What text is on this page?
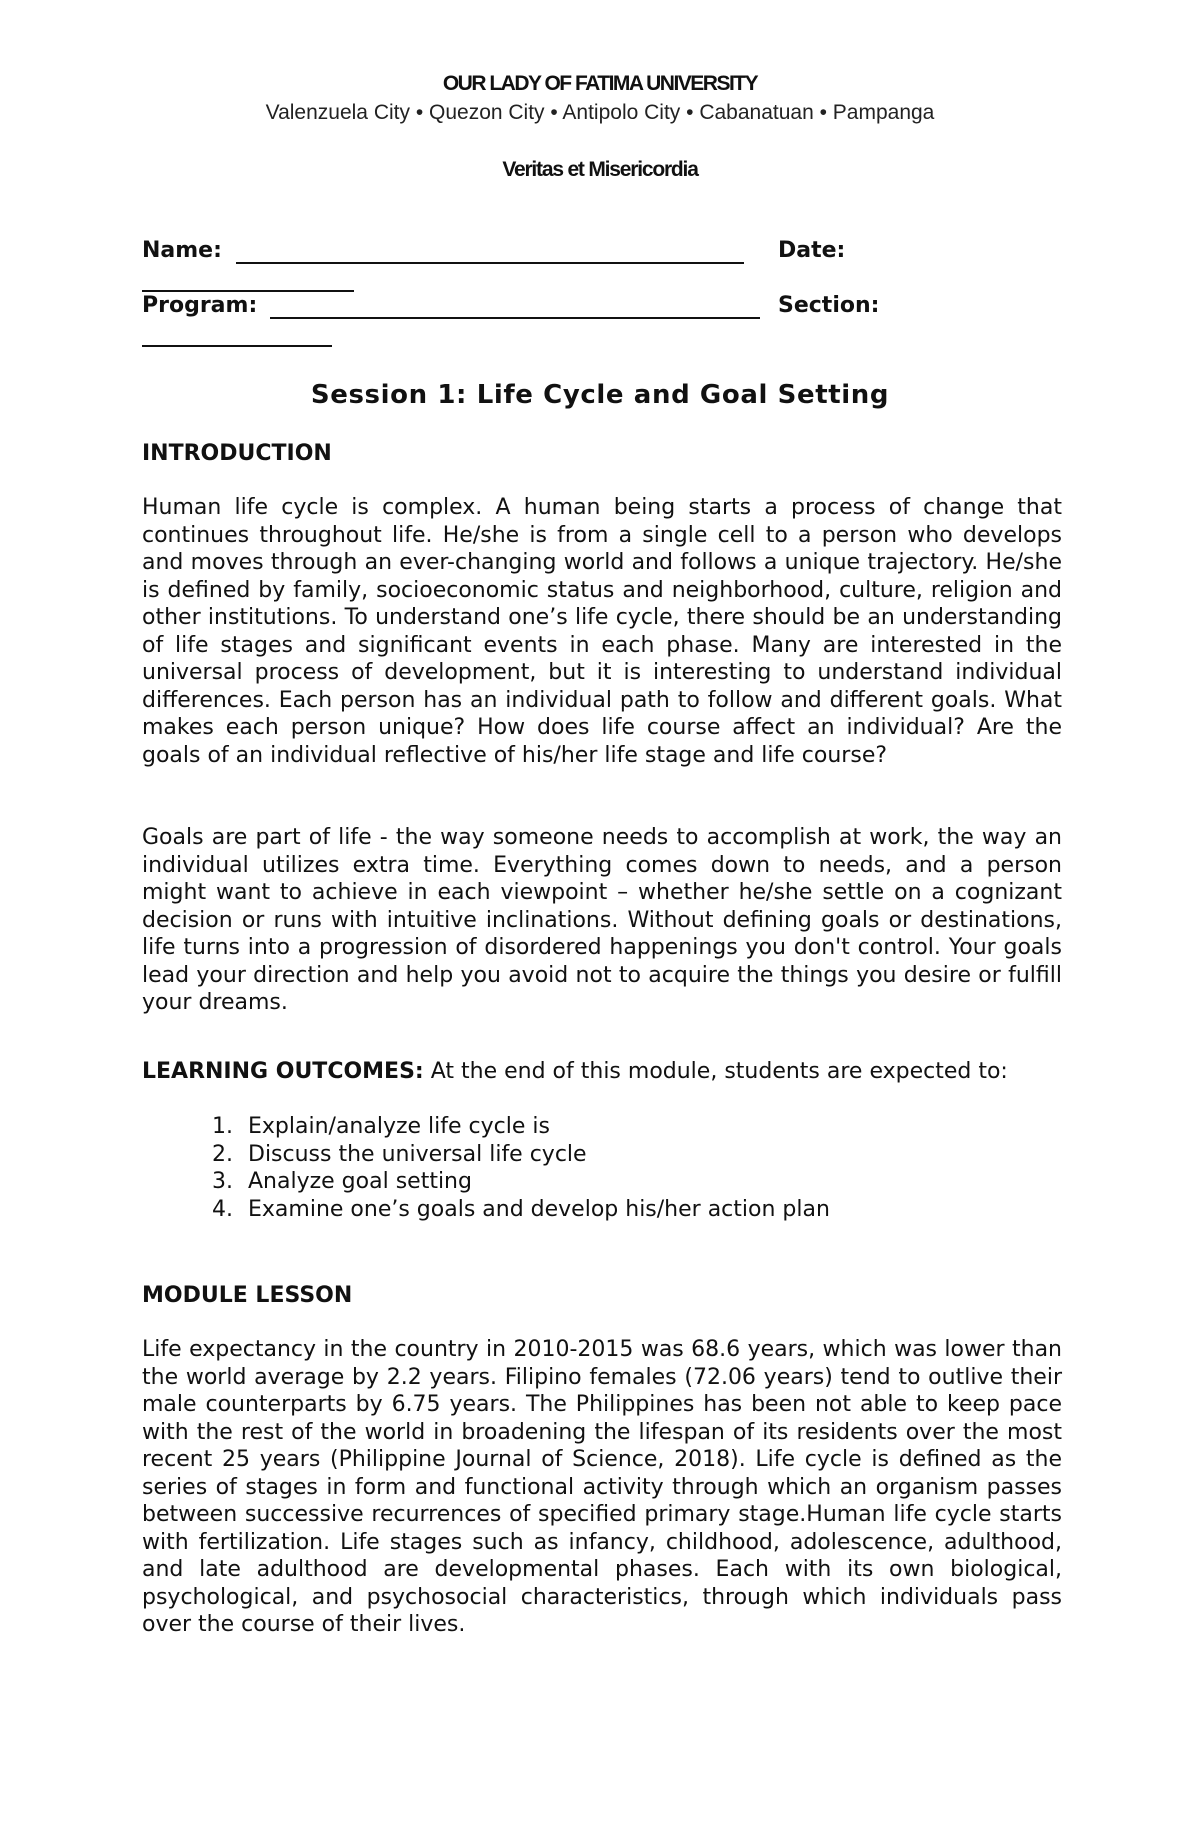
OUR LADY OF FATIMA UNIVERSITY
Valenzuela City • Quezon City • Antipolo City • Cabanatuan • Pampanga
Veritas et Misericordia
Name:	Date:
Program:	Section:
Session 1: Life Cycle and Goal Setting
INTRODUCTION

Human life cycle is complex. A human being starts a process of change that continues throughout life. He/she is from a single cell to a person who develops and moves through an ever-changing world and follows a unique trajectory. He/she is defined by family, socioeconomic status and neighborhood, culture, religion and other institutions. To understand one’s life cycle, there should be an understanding of life stages and significant events in each phase. Many are interested in the universal process of development, but it is interesting to understand individual differences. Each person has an individual path to follow and different goals. What makes each person unique? How does life course affect an individual? Are the goals of an individual reflective of his/her life stage and life course?

Goals are part of life - the way someone needs to accomplish at work, the way an individual utilizes extra time. Everything comes down to needs, and a person might want to achieve in each viewpoint – whether he/she settle on a cognizant decision or runs with intuitive inclinations. Without defining goals or destinations, life turns into a progression of disordered happenings you don't control. Your goals lead your direction and help you avoid not to acquire the things you desire or fulfill your dreams.

LEARNING OUTCOMES: At the end of this module, students are expected to:

1. Explain/analyze life cycle is
2. Discuss the universal life cycle
3. Analyze goal setting
4. Examine one’s goals and develop his/her action plan
MODULE LESSON

Life expectancy in the country in 2010-2015 was 68.6 years, which was lower than the world average by 2.2 years. Filipino females (72.06 years) tend to outlive their male counterparts by 6.75 years. The Philippines has been not able to keep pace with the rest of the world in broadening the lifespan of its residents over the most recent 25 years (Philippine Journal of Science, 2018). Life cycle is defined as the series of stages in form and functional activity through which an organism passes between successive recurrences of specified primary stage.Human life cycle starts with fertilization. Life stages such as infancy, childhood, adolescence, adulthood, and late adulthood are developmental phases. Each with its own biological, psychological, and psychosocial characteristics, through which individuals pass over the course of their lives.
